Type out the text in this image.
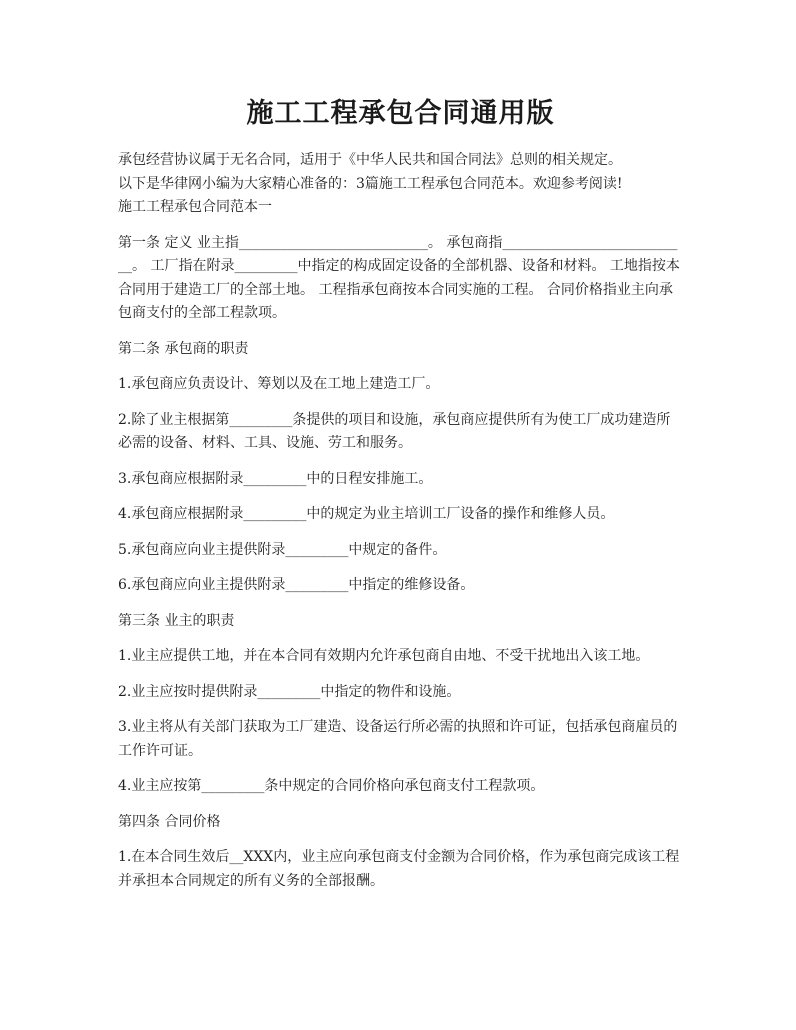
施工工程承包合同通用版

承包经营协议属于无名合同，适用于《中华人民共和国合同法》总则的相关规定。

以下是华律网小编为大家精心准备的：3篇施工工程承包合同范本。欢迎参考阅读!

施工工程承包合同范本一

第一条 定义 业主指___________________________。 承包商指___________________________。 工厂指在附录_________中指定的构成固定设备的全部机器、设备和材料。 工地指按本合同用于建造工厂的全部土地。 工程指承包商按本合同实施的工程。 合同价格指业主向承包商支付的全部工程款项。

第二条 承包商的职责

1.承包商应负责设计、筹划以及在工地上建造工厂。

2.除了业主根据第_________条提供的项目和设施，承包商应提供所有为使工厂成功建造所必需的设备、材料、工具、设施、劳工和服务。

3.承包商应根据附录_________中的日程安排施工。

4.承包商应根据附录_________中的规定为业主培训工厂设备的操作和维修人员。

5.承包商应向业主提供附录_________中规定的备件。

6.承包商应向业主提供附录_________中指定的维修设备。

第三条 业主的职责

1.业主应提供工地，并在本合同有效期内允许承包商自由地、不受干扰地出入该工地。

2.业主应按时提供附录_________中指定的物件和设施。

3.业主将从有关部门获取为工厂建造、设备运行所必需的执照和许可证，包括承包商雇员的工作许可证。

4.业主应按第_________条中规定的合同价格向承包商支付工程款项。

第四条 合同价格

1.在本合同生效后__XXX内，业主应向承包商支付金额为合同价格，作为承包商完成该工程并承担本合同规定的所有义务的全部报酬。
